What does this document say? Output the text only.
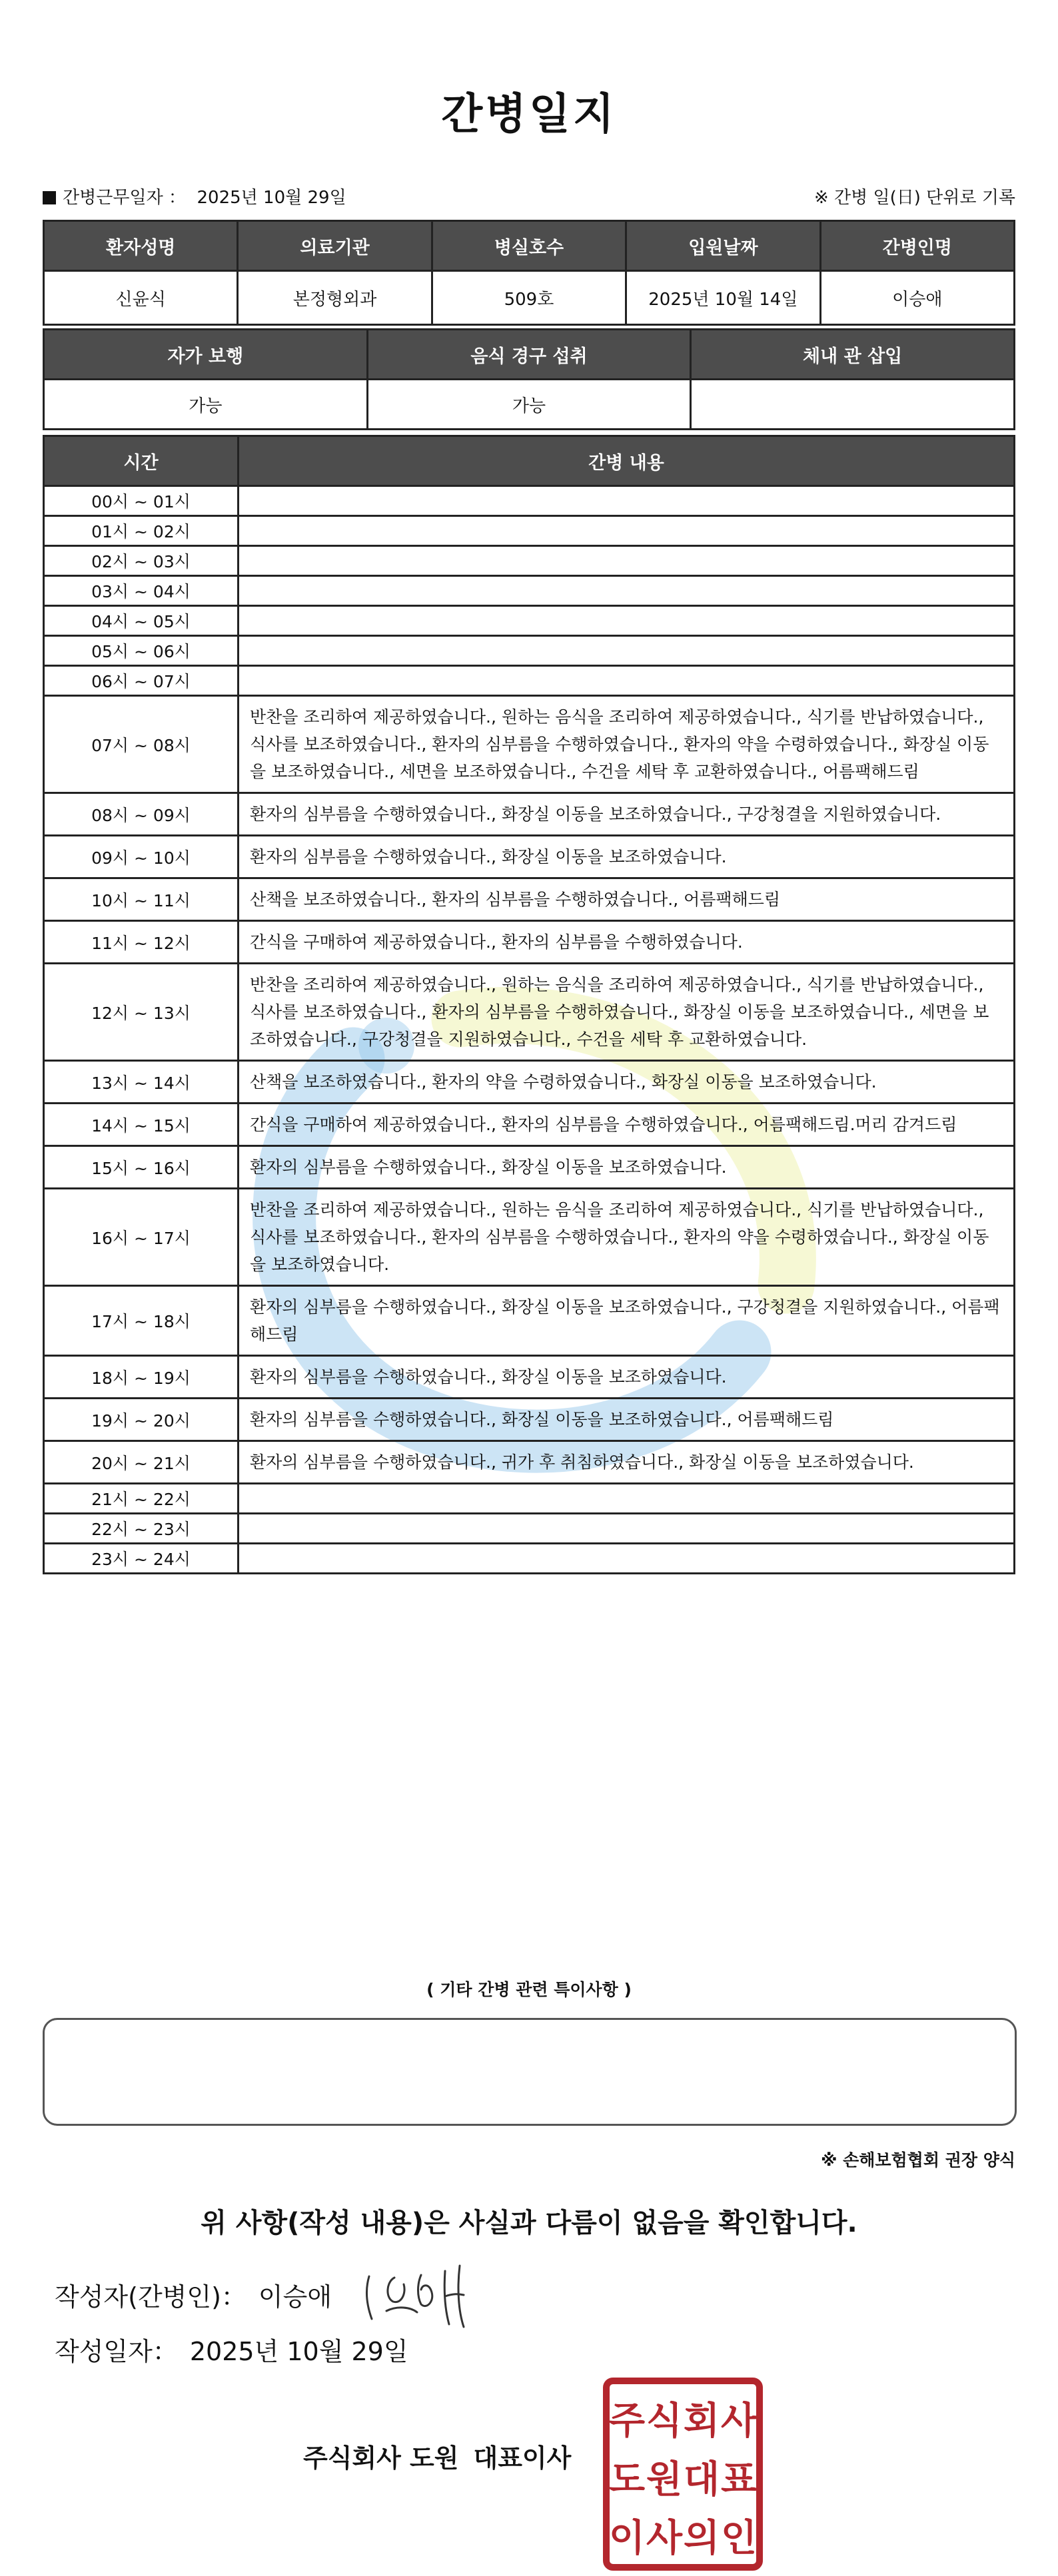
간병일지
간병근무일자 ： 2025년 10월 29일	※ 간병 일(日) 단위로 기록
환자성명	의료기관	병실호수	입원날짜	간병인명
신윤식	본정형외과	509호	2025년 10월 14일	이승애
자가 보행	음식 경구 섭취	체내 관 삽입
가능	가능	
시간	간병 내용
00시 ~ 01시	
01시 ~ 02시	
02시 ~ 03시	
03시 ~ 04시	
04시 ~ 05시	
05시 ~ 06시	
06시 ~ 07시	
07시 ~ 08시	반찬을 조리하여 제공하였습니다., 원하는 음식을 조리하여 제공하였습니다., 식기를 반납하였습니다., 식사를 보조하였습니다., 환자의 심부름을 수행하였습니다., 환자의 약을 수령하였습니다., 화장실 이동을 보조하였습니다., 세면을 보조하였습니다., 수건을 세탁 후 교환하였습니다., 어름팩해드림
08시 ~ 09시	환자의 심부름을 수행하였습니다., 화장실 이동을 보조하였습니다., 구강청결을 지원하였습니다.
09시 ~ 10시	환자의 심부름을 수행하였습니다., 화장실 이동을 보조하였습니다.
10시 ~ 11시	산책을 보조하였습니다., 환자의 심부름을 수행하였습니다., 어름팩해드림
11시 ~ 12시	간식을 구매하여 제공하였습니다., 환자의 심부름을 수행하였습니다.
12시 ~ 13시	반찬을 조리하여 제공하였습니다., 원하는 음식을 조리하여 제공하였습니다., 식기를 반납하였습니다., 식사를 보조하였습니다., 환자의 심부름을 수행하였습니다., 화장실 이동을 보조하였습니다., 세면을 보조하였습니다., 구강청결을 지원하였습니다., 수건을 세탁 후 교환하였습니다.
13시 ~ 14시	산책을 보조하였습니다., 환자의 약을 수령하였습니다., 화장실 이동을 보조하였습니다.
14시 ~ 15시	간식을 구매하여 제공하였습니다., 환자의 심부름을 수행하였습니다., 어름팩해드림.머리 감겨드림
15시 ~ 16시	환자의 심부름을 수행하였습니다., 화장실 이동을 보조하였습니다.
16시 ~ 17시	반찬을 조리하여 제공하였습니다., 원하는 음식을 조리하여 제공하였습니다., 식기를 반납하였습니다., 식사를 보조하였습니다., 환자의 심부름을 수행하였습니다., 환자의 약을 수령하였습니다., 화장실 이동을 보조하였습니다.
17시 ~ 18시	환자의 심부름을 수행하였습니다., 화장실 이동을 보조하였습니다., 구강청결을 지원하였습니다., 어름팩해드림
18시 ~ 19시	환자의 심부름을 수행하였습니다., 화장실 이동을 보조하였습니다.
19시 ~ 20시	환자의 심부름을 수행하였습니다., 화장실 이동을 보조하였습니다., 어름팩해드림
20시 ~ 21시	환자의 심부름을 수행하였습니다., 귀가 후 취침하였습니다., 화장실 이동을 보조하였습니다.
21시 ~ 22시	
22시 ~ 23시	
23시 ~ 24시	
( 기타 간병 관련 특이사항 )
※ 손해보험협회 권장 양식
위 사항(작성 내용)은 사실과 다름이 없음을 확인합니다.
작성자(간병인)： 이승애
작성일자： 2025년 10월 29일
주식회사 도원 대표이사
주 식 회 사
도 원 대 표
이 사 의 인
